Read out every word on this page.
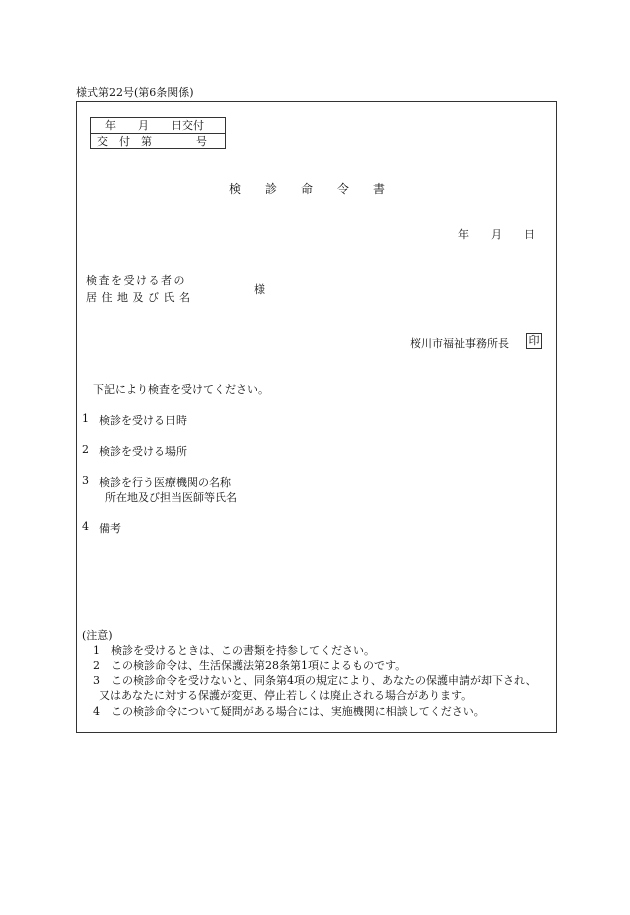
様式第22号(第6条関係)
年　　月　　日交付
交　付　第　　　　号
検　　診　　命　　令　　書
年　　月　　日
検査を受ける者の
居住地及び氏名
様
桜川市福祉事務所長 印
下記により検査を受けてください。
1 検診を受ける日時
2 検診を受ける場所
3 検診を行う医療機関の名称
所在地及び担当医師等氏名
4 備考
(注意)
1　検診を受けるときは、この書類を持参してください。
2　この検診命令は、生活保護法第28条第1項によるものです。
3　この検診命令を受けないと、同条第4項の規定により、あなたの保護申請が却下され、
又はあなたに対する保護が変更、停止若しくは廃止される場合があります。
4　この検診命令について疑問がある場合には、実施機関に相談してください。
